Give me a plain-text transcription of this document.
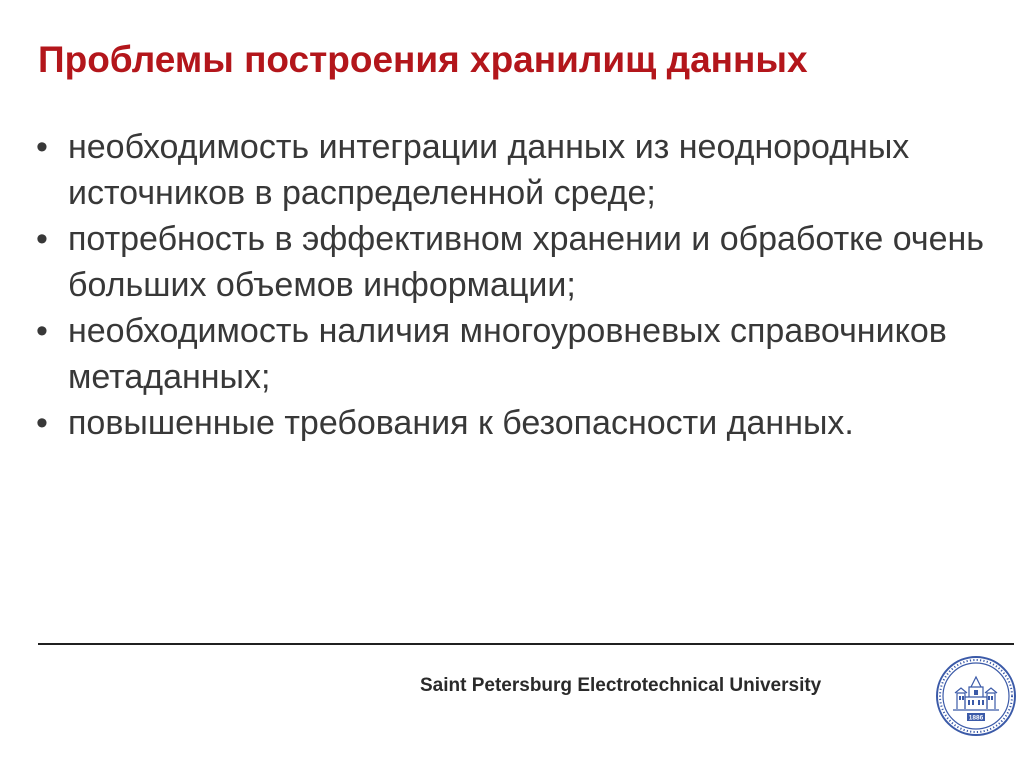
Проблемы построения хранилищ данных
• необходимость интеграции данных из неоднородных источников в распределенной среде;
• потребность в эффективном хранении и обработке очень больших объемов информации;
• необходимость наличия многоуровневых справочников метаданных;
• повышенные требования к безопасности данных.
Saint Petersburg Electrotechnical University
1886
